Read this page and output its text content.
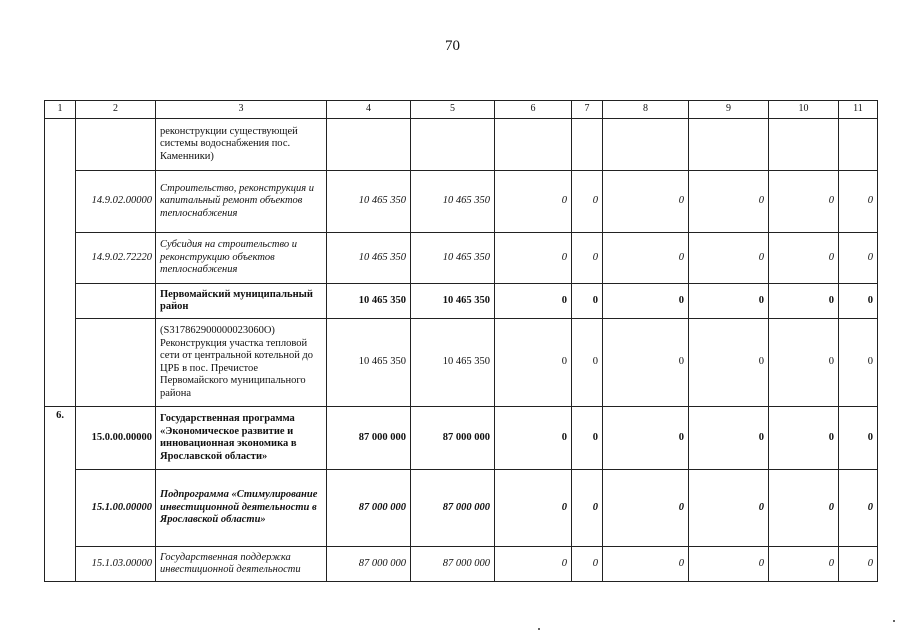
70
1	2	3	4	5	6	7	8	9	10	11
		реконструкции существующей системы водоснабжения пос. Каменники)								
	14.9.02.00000	Строительство, реконструкция и капитальный ремонт объектов теплоснабжения	10 465 350	10 465 350	0	0	0	0	0	0
	14.9.02.72220	Субсидия на строительство и реконструкцию объектов теплоснабжения	10 465 350	10 465 350	0	0	0	0	0	0
		Первомайский муниципальный район	10 465 350	10 465 350	0	0	0	0	0	0
		(S317862900000023060О) Реконструкция участка тепловой сети от центральной котельной до ЦРБ в пос. Пречистое Первомайского муниципального района	10 465 350	10 465 350	0	0	0	0	0	0
6.	15.0.00.00000	Государственная программа «Экономическое развитие и инновационная экономика в Ярославской области»	87 000 000	87 000 000	0	0	0	0	0	0
	15.1.00.00000	Подпрограмма «Стимулирование инвестиционной деятельности в Ярославской области»	87 000 000	87 000 000	0	0	0	0	0	0
	15.1.03.00000	Государственная поддержка инвестиционной деятельности	87 000 000	87 000 000	0	0	0	0	0	0
